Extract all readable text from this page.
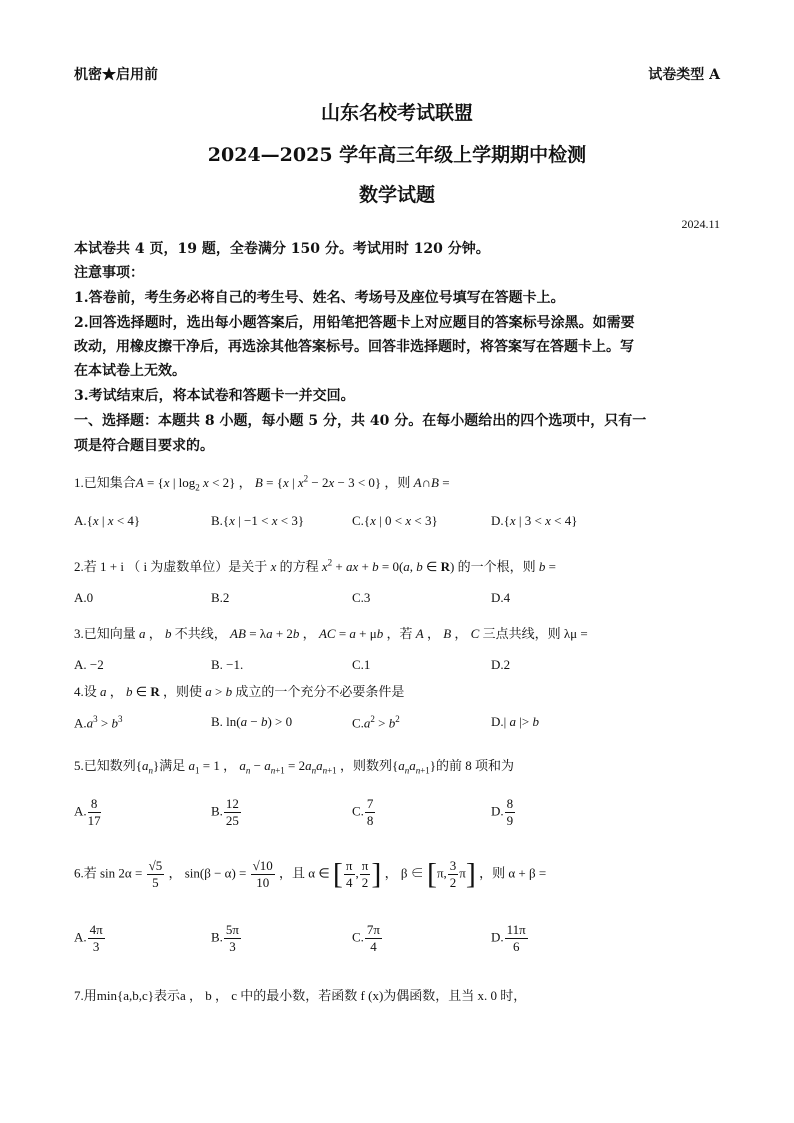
机密★启用前	试卷类型 A
山东名校考试联盟
2024—2025 学年高三年级上学期期中检测
数学试题
2024.11
本试卷共 4 页，19 题，全卷满分 150 分。考试用时 120 分钟。
注意事项：
1.答卷前，考生务必将自己的考生号、姓名、考场号及座位号填写在答题卡上。
2.回答选择题时，选出每小题答案后，用铅笔把答题卡上对应题目的答案标号涂黑。如需要
改动，用橡皮擦干净后，再选涂其他答案标号。回答非选择题时，将答案写在答题卡上。写
在本试卷上无效。
3.考试结束后，将本试卷和答题卡一并交回。
一、选择题：本题共 8 小题，每小题 5 分，共 40 分。在每小题给出的四个选项中，只有一
项是符合题目要求的。
1.已知集合A = {x | $\log_2 x < 2$} ， B = {x | $x^2 - 2x - 3 < 0$} ，则 A∩B =
A.{x | x < 4}	B.{x | −1 < x < 3}	C.{x | 0 < x < 3}	D.{x | 3 < x < 4}
2.若 1 + i （ i 为虚数单位）是关于 x 的方程 $x^2$ + ax + b = 0(a, b ∈ R) 的一个根，则 b =
A.0	B.2	C.3	D.4
3.已知向量 a ， b 不共线， AB = λa + 2b ， AC = a + μb ，若 A ， B ， C 三点共线，则 λμ =
A. −2	B. −1.	C.1	D.2
4.设 a ， b ∈ R ，则使 a > b 成立的一个充分不必要条件是
$A.a^3 > b^3$	B. ln(a − b) > 0	$C.a^2 > b^2$	D.| a |> b
5.已知数列$\{a_n\}$满足 $a_1 = 1$ ， $a_n - a_{n+1} = 2a_na_{n+1}$ ，则数列$\{a_na_{n+1}\}$的前 8 项和为
A. $\frac{8}{17}$	B. $\frac{12}{25}$	C. $\frac{7}{8}$	D. $\frac{8}{9}$
6.若 $\sin 2\alpha = \frac{√5}{5}$ ， $\sin(\beta - \alpha) = \frac{√10}{10}$ ，且 α ∈ [ $\frac{\pi}{4}$ , $\frac{\pi}{2}$ ] ， β ∈ [π, $\frac{3}{2} \pi$] ，则 α + β =
A. $\frac{4\pi}{3}$	B. $\frac{5\pi}{3}$	C. $\frac{7\pi}{4}$	D. $\frac{11\pi}{6}$
7.用min{a,b,c}表示a ， b ， c 中的最小数，若函数 f (x)为偶函数，且当 x. 0 时，
